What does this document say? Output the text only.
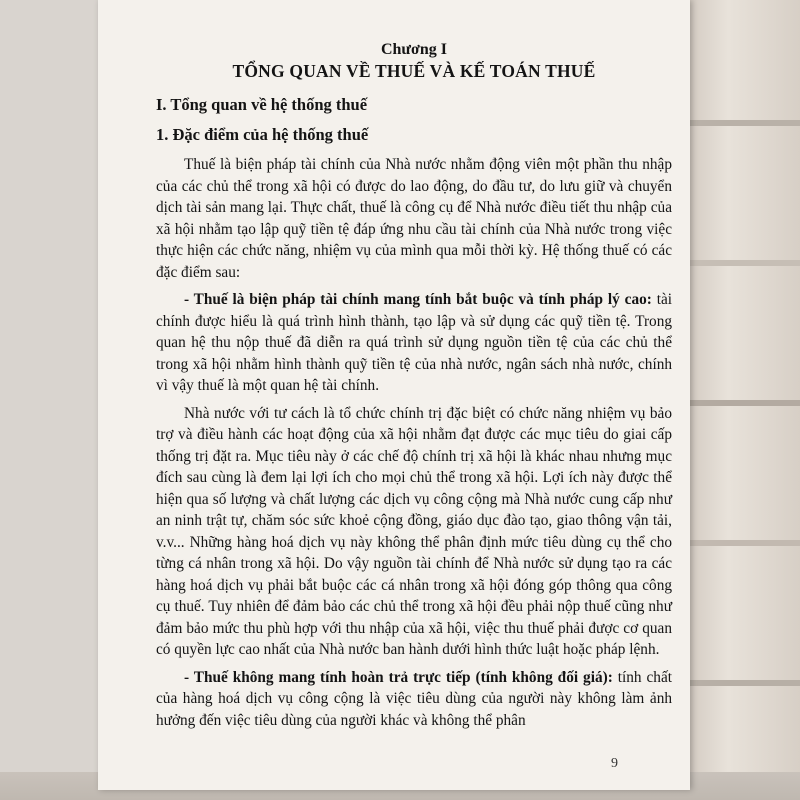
Chương I
TỔNG QUAN VỀ THUẾ VÀ KẾ TOÁN THUẾ
I. Tổng quan về hệ thống thuế
1. Đặc điểm của hệ thống thuế

Thuế là biện pháp tài chính của Nhà nước nhằm động viên một phần thu nhập của các chủ thể trong xã hội có được do lao động, do đầu tư, do lưu giữ và chuyển dịch tài sản mang lại. Thực chất, thuế là công cụ để Nhà nước điều tiết thu nhập của xã hội nhằm tạo lập quỹ tiền tệ đáp ứng nhu cầu tài chính của Nhà nước trong việc thực hiện các chức năng, nhiệm vụ của mình qua mỗi thời kỳ. Hệ thống thuế có các đặc điểm sau:

- Thuế là biện pháp tài chính mang tính bắt buộc và tính pháp lý cao: tài chính được hiểu là quá trình hình thành, tạo lập và sử dụng các quỹ tiền tệ. Trong quan hệ thu nộp thuế đã diễn ra quá trình sử dụng nguồn tiền tệ của các chủ thể trong xã hội nhằm hình thành quỹ tiền tệ của nhà nước, ngân sách nhà nước, chính vì vậy thuế là một quan hệ tài chính.

Nhà nước với tư cách là tổ chức chính trị đặc biệt có chức năng nhiệm vụ bảo trợ và điều hành các hoạt động của xã hội nhằm đạt được các mục tiêu do giai cấp thống trị đặt ra. Mục tiêu này ở các chế độ chính trị xã hội là khác nhau nhưng mục đích sau cùng là đem lại lợi ích cho mọi chủ thể trong xã hội. Lợi ích này được thể hiện qua số lượng và chất lượng các dịch vụ công cộng mà Nhà nước cung cấp như an ninh trật tự, chăm sóc sức khoẻ cộng đồng, giáo dục đào tạo, giao thông vận tải, v.v... Những hàng hoá dịch vụ này không thể phân định mức tiêu dùng cụ thể cho từng cá nhân trong xã hội. Do vậy nguồn tài chính để Nhà nước sử dụng tạo ra các hàng hoá dịch vụ phải bắt buộc các cá nhân trong xã hội đóng góp thông qua công cụ thuế. Tuy nhiên để đảm bảo các chủ thể trong xã hội đều phải nộp thuế cũng như đảm bảo mức thu phù hợp với thu nhập của xã hội, việc thu thuế phải được cơ quan có quyền lực cao nhất của Nhà nước ban hành dưới hình thức luật hoặc pháp lệnh.

- Thuế không mang tính hoàn trả trực tiếp (tính không đối giá): tính chất của hàng hoá dịch vụ công cộng là việc tiêu dùng của người này không làm ảnh hưởng đến việc tiêu dùng của người khác và không thể phân

9
